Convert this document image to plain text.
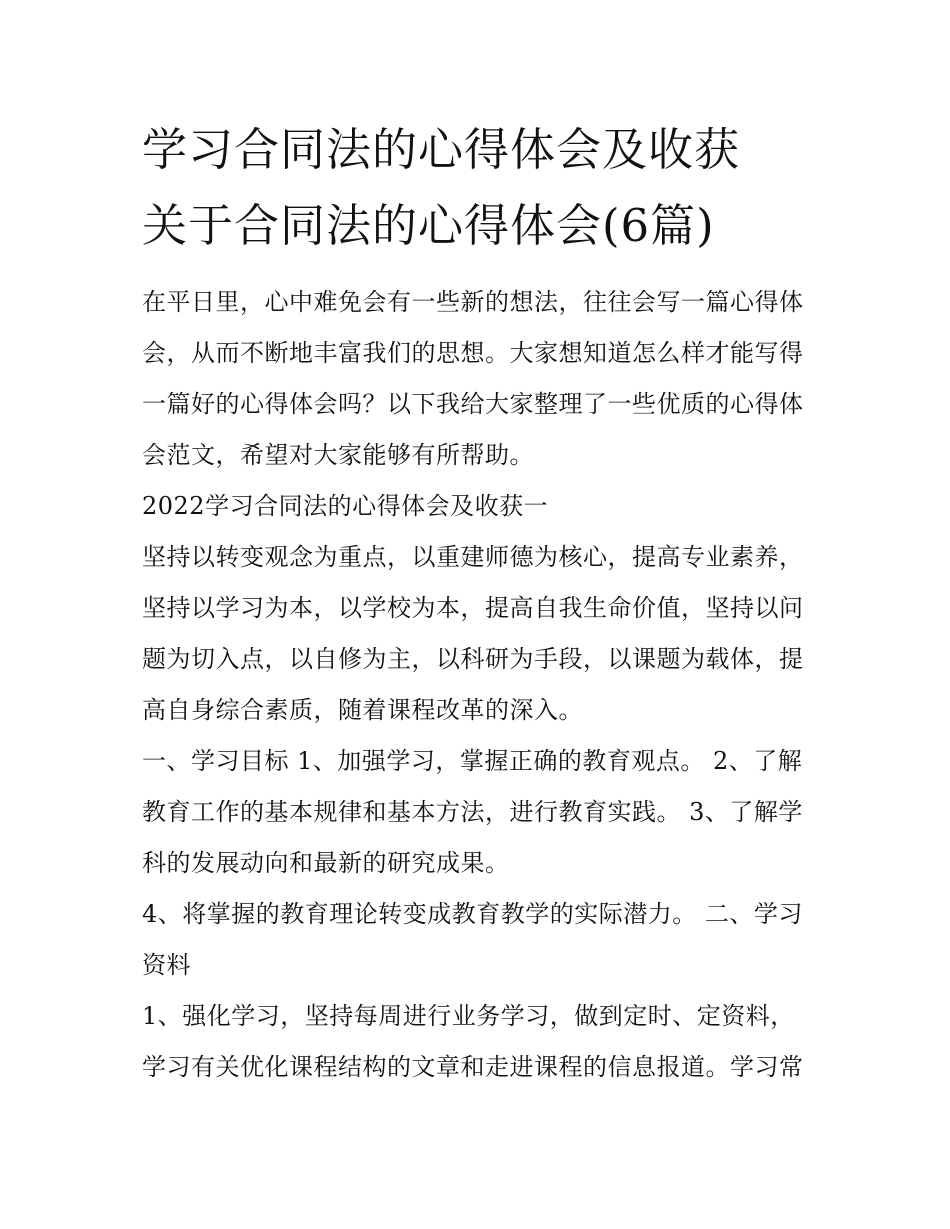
学习合同法的心得体会及收获
关于合同法的心得体会(6篇)

在平日里，心中难免会有一些新的想法，往往会写一篇心得体会，从而不断地丰富我们的思想。大家想知道怎么样才能写得一篇好的心得体会吗？以下我给大家整理了一些优质的心得体会范文，希望对大家能够有所帮助。

2022学习合同法的心得体会及收获一

坚持以转变观念为重点，以重建师德为核心，提高专业素养，坚持以学习为本，以学校为本，提高自我生命价值，坚持以问题为切入点，以自修为主，以科研为手段，以课题为载体，提高自身综合素质，随着课程改革的深入。

一、学习目标 1、加强学习，掌握正确的教育观点。 2、了解教育工作的基本规律和基本方法，进行教育实践。 3、了解学科的发展动向和最新的研究成果。

4、将掌握的教育理论转变成教育教学的实际潜力。 二、学习资料

1、强化学习，坚持每周进行业务学习，做到定时、定资料，学习有关优化课程结构的文章和走进课程的信息报道。学习常
